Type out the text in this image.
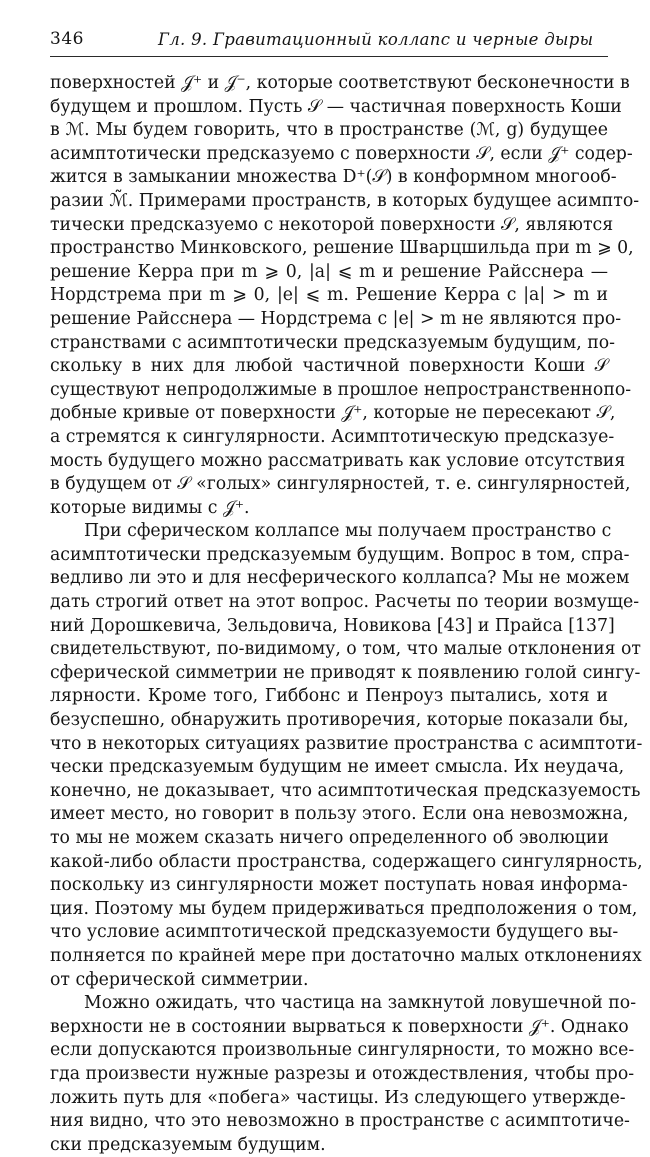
346	Гл. 9. Гравитационный коллапс и черные дыры
поверхностей 𝒥⁺ и 𝒥⁻, которые соответствуют бесконечности в
будущем и прошлом. Пусть 𝒮 — частичная поверхность Коши
в ℳ. Мы будем говорить, что в пространстве (ℳ, g) будущее
асимптотически предсказуемо с поверхности 𝒮, если 𝒥⁺ содер-
жится в замыкании множества D⁺(𝒮) в конформном многооб-
разии ℳ̃. Примерами пространств, в которых будущее асимпто-
тически предсказуемо с некоторой поверхности 𝒮, являются
пространство Минковского, решение Шварцшильда при m ⩾ 0,
решение Керра при m ⩾ 0, |a| ⩽ m и решение Райсснера —
Нордстрема при m ⩾ 0, |e| ⩽ m. Решение Керра с |a| > m и
решение Райсснера — Нордстрема с |e| > m не являются про-
странствами с асимптотически предсказуемым будущим, по-
скольку в них для любой частичной поверхности Коши 𝒮
существуют непродолжимые в прошлое непространственнопо-
добные кривые от поверхности 𝒥⁺, которые не пересекают 𝒮,
а стремятся к сингулярности. Асимптотическую предсказуе-
мость будущего можно рассматривать как условие отсутствия
в будущем от 𝒮 «голых» сингулярностей, т. е. сингулярностей,
которые видимы с 𝒥⁺.
При сферическом коллапсе мы получаем пространство с
асимптотически предсказуемым будущим. Вопрос в том, спра-
ведливо ли это и для несферического коллапса? Мы не можем
дать строгий ответ на этот вопрос. Расчеты по теории возмуще-
ний Дорошкевича, Зельдовича, Новикова [43] и Прайса [137]
свидетельствуют, по-видимому, о том, что малые отклонения от
сферической симметрии не приводят к появлению голой сингу-
лярности. Кроме того, Гиббонс и Пенроуз пытались, хотя и
безуспешно, обнаружить противоречия, которые показали бы,
что в некоторых ситуациях развитие пространства с асимптоти-
чески предсказуемым будущим не имеет смысла. Их неудача,
конечно, не доказывает, что асимптотическая предсказуемость
имеет место, но говорит в пользу этого. Если она невозможна,
то мы не можем сказать ничего определенного об эволюции
какой-либо области пространства, содержащего сингулярность,
поскольку из сингулярности может поступать новая информа-
ция. Поэтому мы будем придерживаться предположения о том,
что условие асимптотической предсказуемости будущего вы-
полняется по крайней мере при достаточно малых отклонениях
от сферической симметрии.
Можно ожидать, что частица на замкнутой ловушечной по-
верхности не в состоянии вырваться к поверхности 𝒥⁺. Однако
если допускаются произвольные сингулярности, то можно все-
гда произвести нужные разрезы и отождествления, чтобы про-
ложить путь для «побега» частицы. Из следующего утвержде-
ния видно, что это невозможно в пространстве с асимптотиче-
ски предсказуемым будущим.
